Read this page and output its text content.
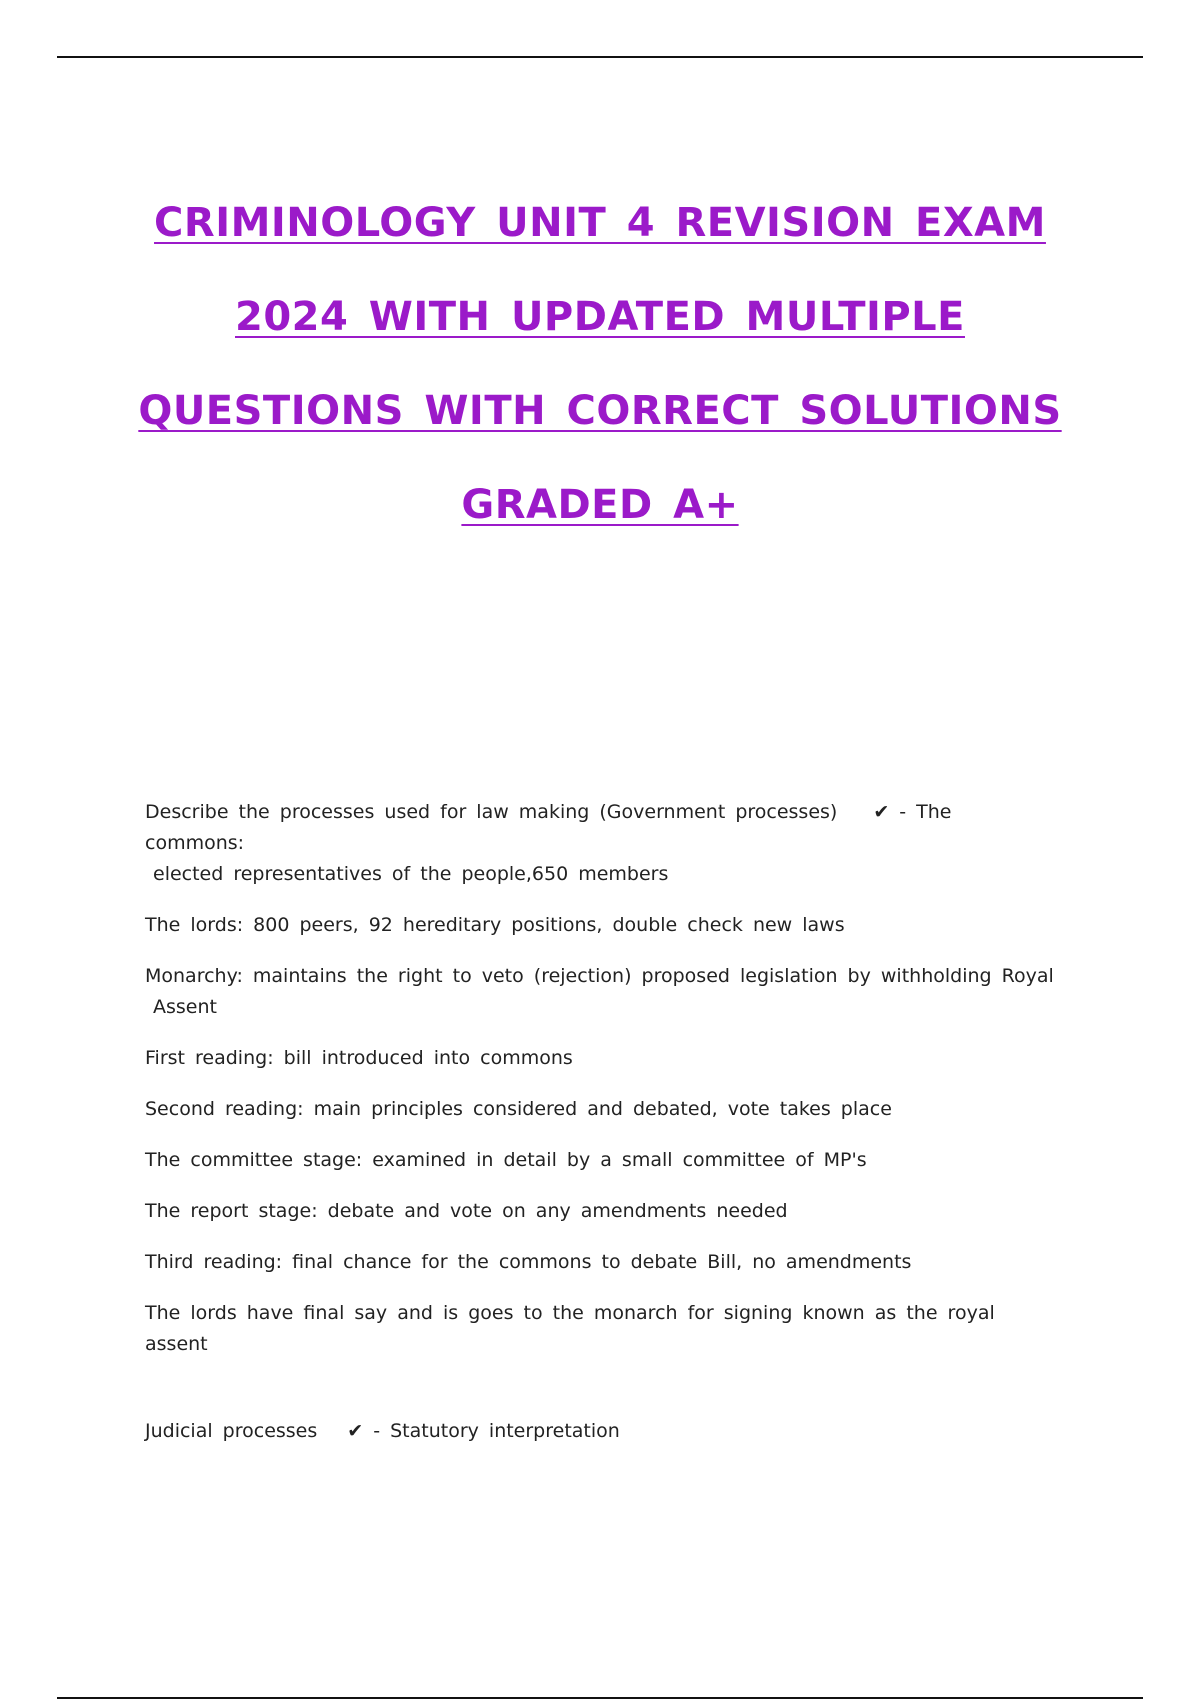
CRIMINOLOGY UNIT 4 REVISION EXAM
2024 WITH UPDATED MULTIPLE
QUESTIONS WITH CORRECT SOLUTIONS
GRADED A+

Describe the processes used for law making (Government processes) ✔ - The commons:
elected representatives of the people,650 members

The lords: 800 peers, 92 hereditary positions, double check new laws

Monarchy: maintains the right to veto (rejection) proposed legislation by withholding Royal
Assent

First reading: bill introduced into commons

Second reading: main principles considered and debated, vote takes place

The committee stage: examined in detail by a small committee of MP's

The report stage: debate and vote on any amendments needed

Third reading: final chance for the commons to debate Bill, no amendments

The lords have final say and is goes to the monarch for signing known as the royal assent

Judicial processes ✔ - Statutory interpretation
